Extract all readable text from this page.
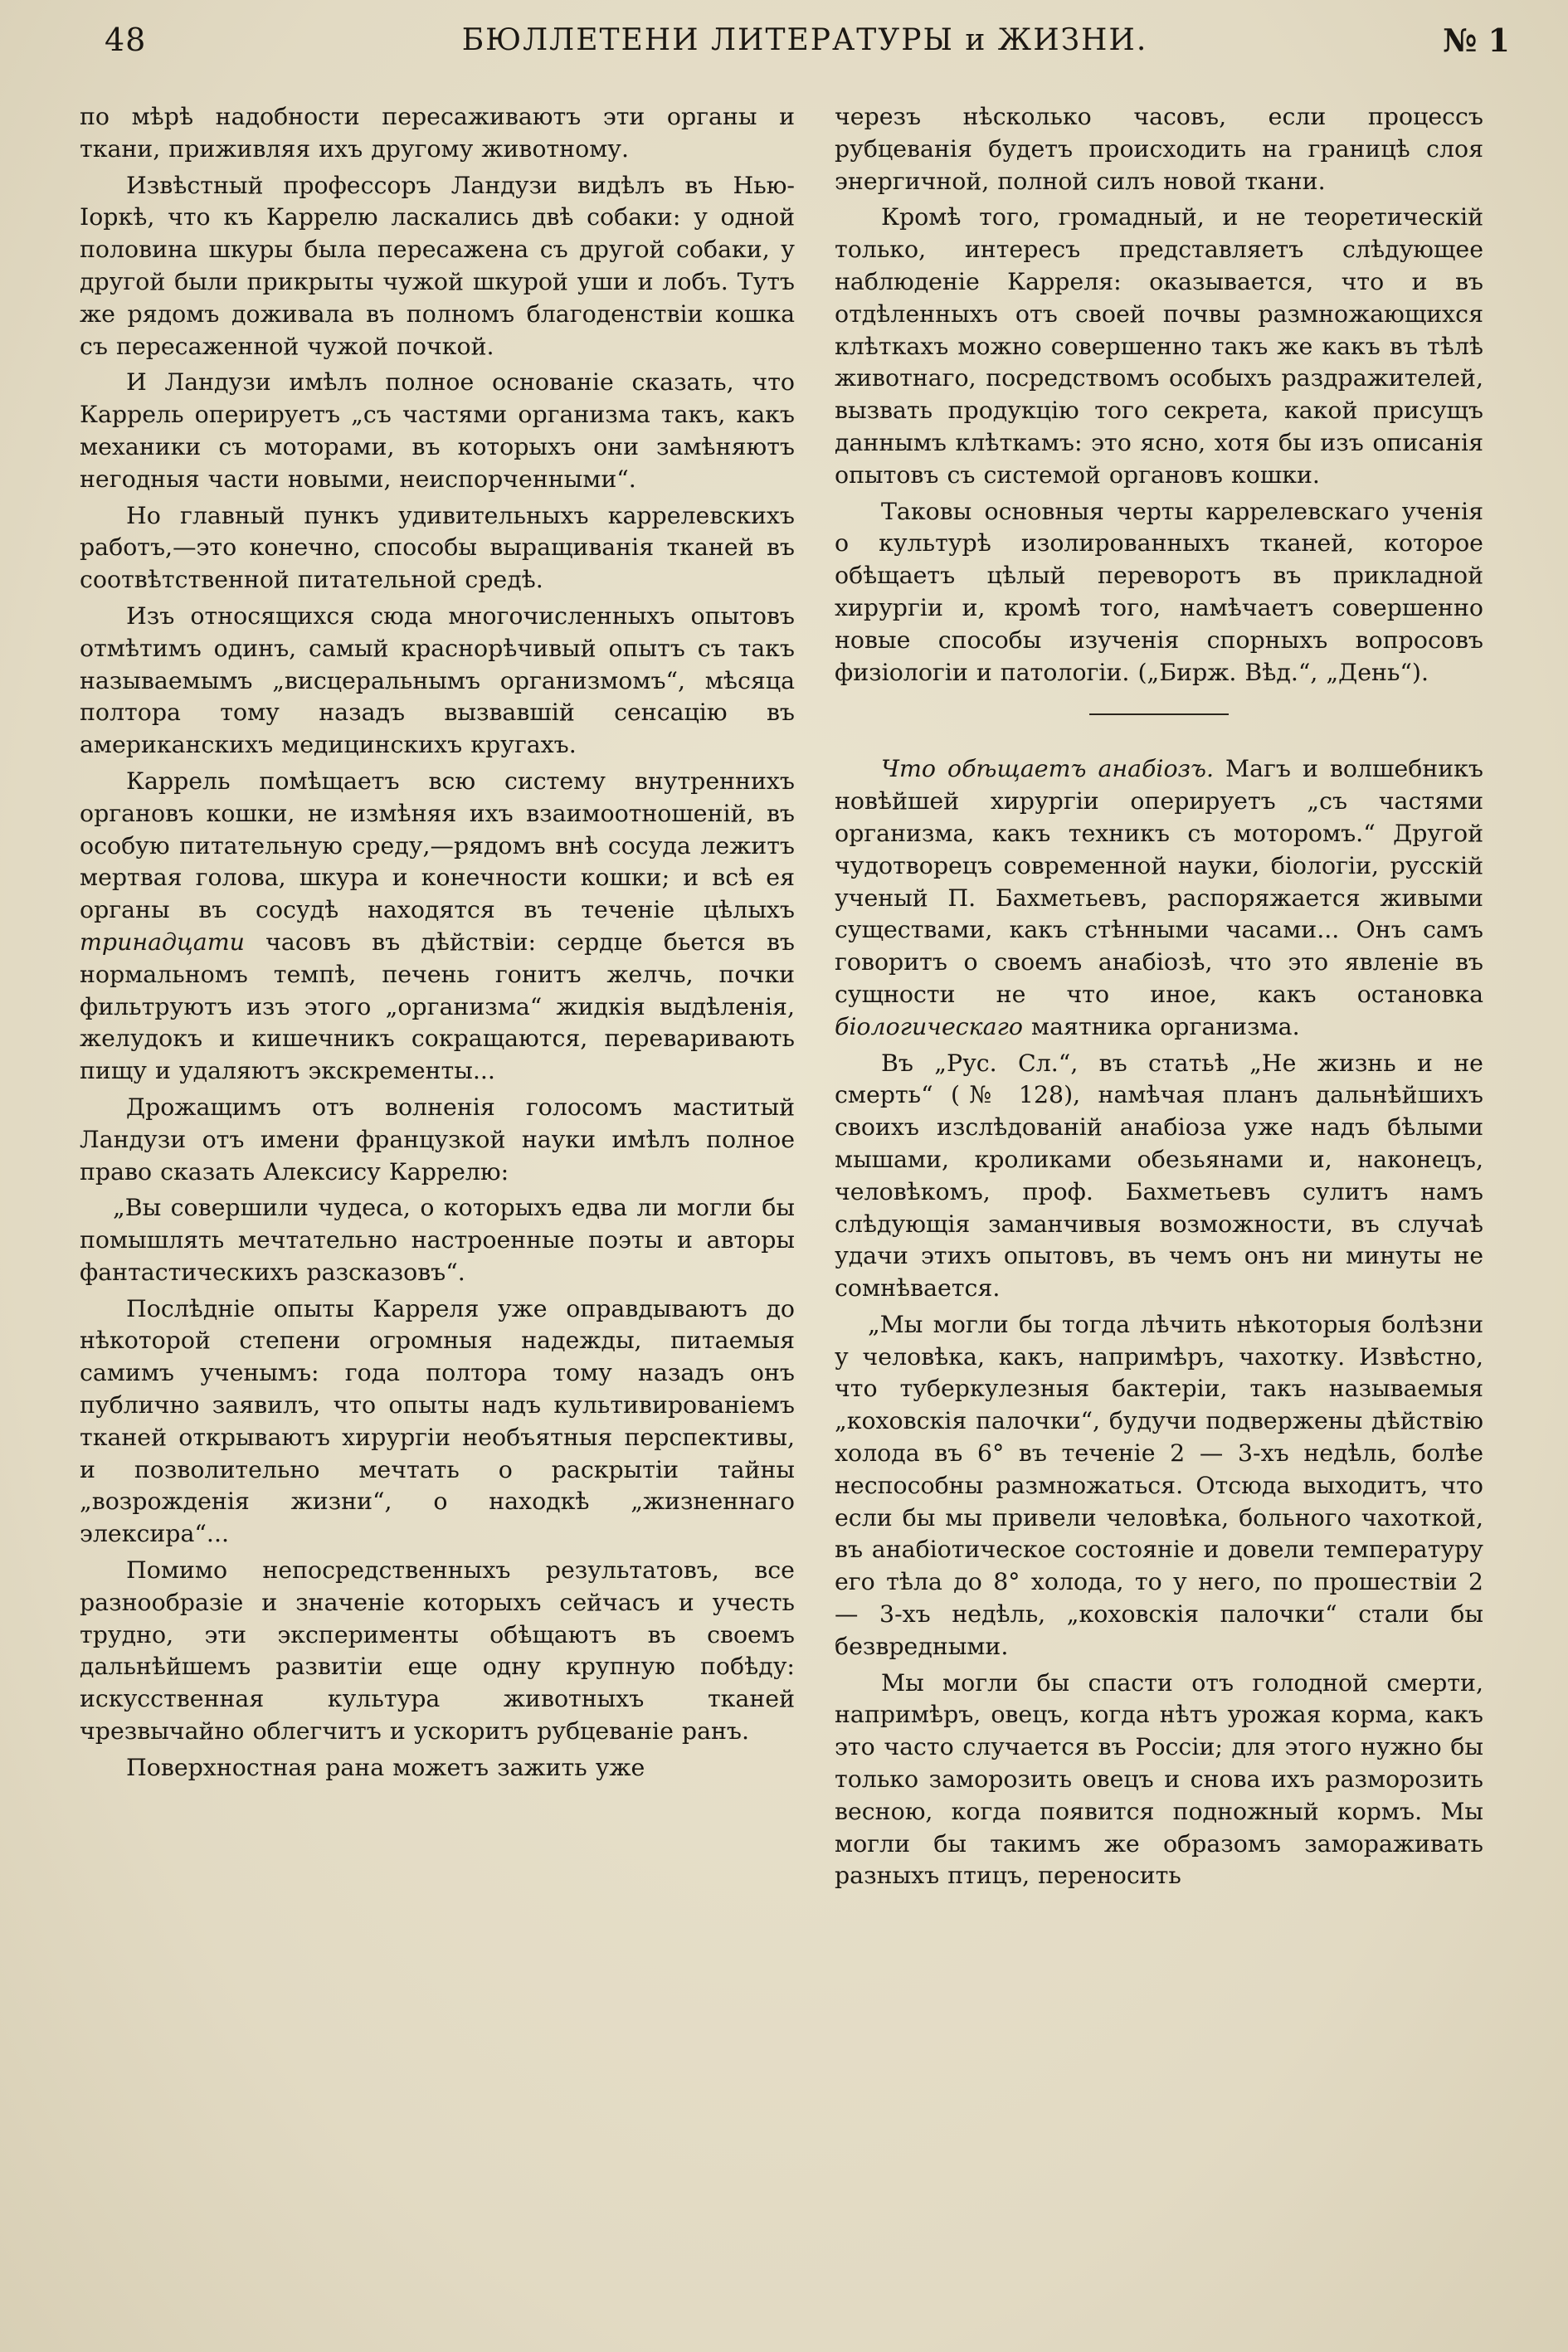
48	БЮЛЛЕТЕНИ ЛИТЕРАТУРЫ и ЖИЗНИ.	№ 1

по мѣрѣ надобности пересаживаютъ эти органы и ткани, приживляя ихъ другому животному.

Извѣстный профессоръ Ландузи видѣлъ въ Нью-Іоркѣ, что къ Каррелю ласкались двѣ собаки: у одной половина шкуры была пересажена съ другой собаки, у другой были прикрыты чужой шкурой уши и лобъ. Тутъ же рядомъ доживала въ полномъ благоденствіи кошка съ пересаженной чужой почкой.

И Ландузи имѣлъ полное основаніе сказать, что Каррель оперируетъ „съ частями организма такъ, какъ механики съ моторами, въ которыхъ они замѣняютъ негодныя части новыми, неиспорченными“.

Но главный пункъ удивительныхъ каррелевскихъ работъ,—это конечно, способы выращиванія тканей въ соотвѣтственной питательной средѣ.

Изъ относящихся сюда многочисленныхъ опытовъ отмѣтимъ одинъ, самый краснорѣчивый опытъ съ такъ называемымъ „висцеральнымъ организмомъ“, мѣсяца полтора тому назадъ вызвавшій сенсацію въ американскихъ медицинскихъ кругахъ.

Каррель помѣщаетъ всю систему внутреннихъ органовъ кошки, не измѣняя ихъ взаимоотношеній, въ особую питательную среду,—рядомъ внѣ сосуда лежитъ мертвая голова, шкура и конечности кошки; и всѣ ея органы въ сосудѣ находятся въ теченіе цѣлыхъ тринадцати часовъ въ дѣйствіи: сердце бьется въ нормальномъ темпѣ, печень гонитъ желчь, почки фильтруютъ изъ этого „организма“ жидкія выдѣленія, желудокъ и кишечникъ сокращаются, переваривають пищу и удаляютъ экскременты...

Дрожащимъ отъ волненія голосомъ маститый Ландузи отъ имени французкой науки имѣлъ полное право сказать Алексису Каррелю:

„Вы совершили чудеса, о которыхъ едва ли могли бы помышлять мечтательно настроенные поэты и авторы фантастическихъ разсказовъ“.

Послѣдніе опыты Карреля уже оправдываютъ до нѣкоторой степени огромныя надежды, питаемыя самимъ ученымъ: года полтора тому назадъ онъ публично заявилъ, что опыты надъ культивированіемъ тканей открываютъ хирургіи необъятныя перспективы, и позволительно мечтать о раскрытіи тайны „возрожденія жизни“, о находкѣ „жизненнаго элексира“...

Помимо непосредственныхъ результатовъ, все разнообразіе и значеніе которыхъ сейчасъ и учесть трудно, эти эксперименты обѣщаютъ въ своемъ дальнѣйшемъ развитіи еще одну крупную побѣду: искусственная культура животныхъ тканей чрезвычайно облегчитъ и ускоритъ рубцеваніе ранъ.

Поверхностная рана можетъ зажить уже

черезъ нѣсколько часовъ, если процессъ рубцеванія будетъ происходить на границѣ слоя энергичной, полной силъ новой ткани.

Кромѣ того, громадный, и не теоретическій только, интересъ представляетъ слѣдующее наблюденіе Карреля: оказывается, что и въ отдѣленныхъ отъ своей почвы размножающихся клѣткахъ можно совершенно такъ же какъ въ тѣлѣ животнаго, посредствомъ особыхъ раздражителей, вызвать продукцію того секрета, какой присущъ даннымъ клѣткамъ: это ясно, хотя бы изъ описанія опытовъ съ системой органовъ кошки.

Таковы основныя черты каррелевскаго ученія о культурѣ изолированныхъ тканей, которое обѣщаетъ цѣлый переворотъ въ прикладной хирургіи и, кромѣ того, намѣчаетъ совершенно новые способы изученія спорныхъ вопросовъ физіологіи и патологіи. („Бирж. Вѣд.“, „День“).

Что обѣщаетъ анабіозъ. Магъ и волшебникъ новѣйшей хирургіи оперируетъ „съ частями организма, какъ техникъ съ моторомъ.“ Другой чудотворецъ современной науки, біологіи, русскій ученый П. Бахметьевъ, распоряжается живыми существами, какъ стѣнными часами... Онъ самъ говоритъ о своемъ анабіозѣ, что это явленіе въ сущности не что иное, какъ остановка біологическаго маятника организма.

Въ „Рус. Сл.“, въ статьѣ „Не жизнь и не смерть“ (№ 128), намѣчая планъ дальнѣйшихъ своихъ изслѣдованій анабіоза уже надъ бѣлыми мышами, кроликами обезьянами и, наконецъ, человѣкомъ, проф. Бахметьевъ сулитъ намъ слѣдующія заманчивыя возможности, въ случаѣ удачи этихъ опытовъ, въ чемъ онъ ни минуты не сомнѣвается.

„Мы могли бы тогда лѣчить нѣкоторыя болѣзни у человѣка, какъ, напримѣръ, чахотку. Извѣстно, что туберкулезныя бактеріи, такъ называемыя „коховскія палочки“, будучи подвержены дѣйствію холода въ 6° въ теченіе 2 — 3-хъ недѣль, болѣе неспособны размножаться. Отсюда выходитъ, что если бы мы привели человѣка, больного чахоткой, въ анабіотическое состояніе и довели температуру его тѣла до 8° холода, то у него, по прошествіи 2 — 3-хъ недѣль, „коховскія палочки“ стали бы безвредными.

Мы могли бы спасти отъ голодной смерти, напримѣръ, овецъ, когда нѣтъ урожая корма, какъ это часто случается въ Россіи; для этого нужно бы только заморозить овецъ и снова ихъ разморозить весною, когда появится подножный кормъ. Мы могли бы такимъ же образомъ замораживать разныхъ птицъ, переносить
